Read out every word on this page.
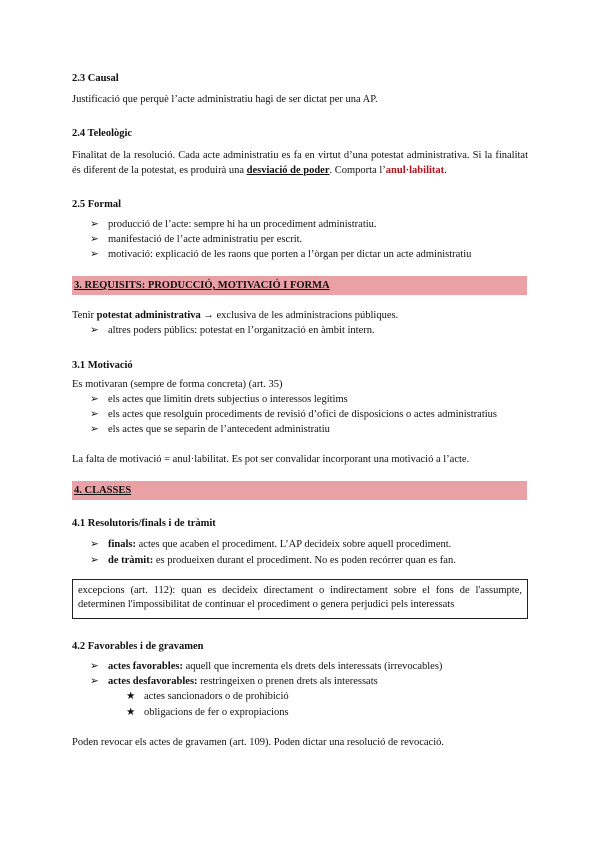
2.3 Causal
Justificació que perquè l’acte administratiu hagi de ser dictat per una AP.
2.4 Teleològic
Finalitat de la resolució. Cada acte administratiu es fa en virtut d’una potestat administrativa. Si la finalitat és diferent de la potestat, es produirà una desviació de poder. Comporta l’anul·labilitat.
2.5 Formal
➢ producció de l’acte: sempre hi ha un procediment administratiu.
➢ manifestació de l’acte administratiu per escrit.
➢ motivació: explicació de les raons que porten a l’òrgan per dictar un acte administratiu
3. REQUISITS: PRODUCCIÓ, MOTIVACIÓ I FORMA
Tenir potestat administrativa → exclusiva de les administracions públiques.
➢ altres poders públics: potestat en l’organització en àmbit intern.
3.1 Motivació
Es motivaran (sempre de forma concreta) (art. 35)
➢ els actes que limitin drets subjectius o interessos legítims
➢ els actes que resolguin procediments de revisió d’ofici de disposicions o actes administratius
➢ els actes que se separin de l’antecedent administratiu
La falta de motivació = anul·labilitat. Es pot ser convalidar incorporant una motivació a l’acte.
4. CLASSES
4.1 Resolutoris/finals i de tràmit
➢ finals: actes que acaben el procediment. L’AP decideix sobre aquell procediment.
➢ de tràmit: es produeixen durant el procediment. No es poden recórrer quan es fan.
excepcions (art. 112): quan es decideix directament o indirectament sobre el fons de l'assumpte, determinen l'impossibilitat de continuar el procediment o genera perjudici pels interessats
4.2 Favorables i de gravamen
➢ actes favorables: aquell que incrementa els drets dels interessats (irrevocables)
➢ actes desfavorables: restringeixen o prenen drets als interessats
★ actes sancionadors o de prohibició
★ obligacions de fer o expropiacions
Poden revocar els actes de gravamen (art. 109). Poden dictar una resolució de revocació.
